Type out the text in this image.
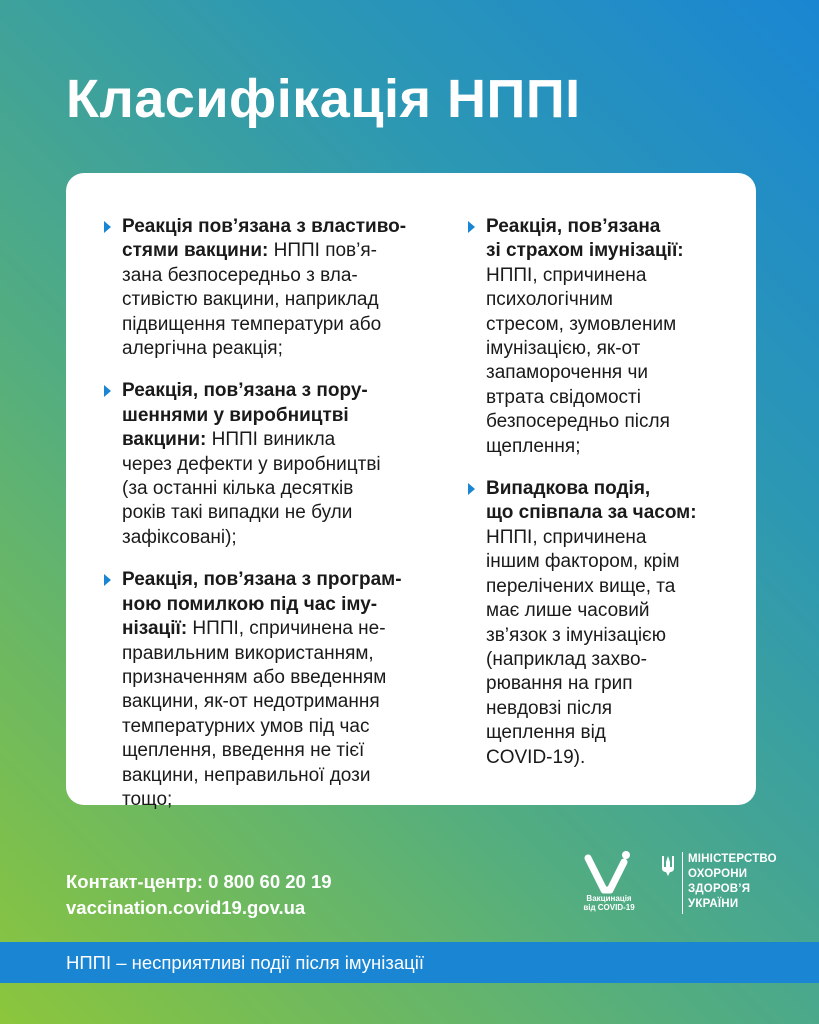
Класифікація НППІ

Реакція пов’язана з властиво-
стями вакцини: НППІ пов’я-
зана безпосередньо з вла-
стивістю вакцини, наприклад
підвищення температури або
алергічна реакція;

Реакція, пов’язана з пору-
шеннями у виробництві
вакцини: НППІ виникла
через дефекти у виробництві
(за останні кілька десятків
років такі випадки не були
зафіксовані);

Реакція, пов’язана з програм-
ною помилкою під час іму-
нізації: НППІ, спричинена не-
правильним використанням,
призначенням або введенням
вакцини, як-от недотримання
температурних умов під час
щеплення, введення не тієї
вакцини, неправильної дози
тощо;

Реакція, пов’язана
зі страхом імунізації:
НППІ, спричинена
психологічним
стресом, зумовленим
імунізацією, як-от
запаморочення чи
втрата свідомості
безпосередньо після
щеплення;

Випадкова подія,
що співпала за часом:
НППІ, спричинена
іншим фактором, крім
перелічених вище, та
має лише часовий
зв’язок з імунізацією
(наприклад захво-
рювання на грип
невдовзі після
щеплення від
COVID-19).

Контакт-центр: 0 800 60 20 19
vaccination.covid19.gov.ua	Вакцинація
від COVID-19
МІНІСТЕРСТВО
ОХОРОНИ
ЗДОРОВ’Я
УКРАЇНИ
НППІ – несприятливі події після імунізації
